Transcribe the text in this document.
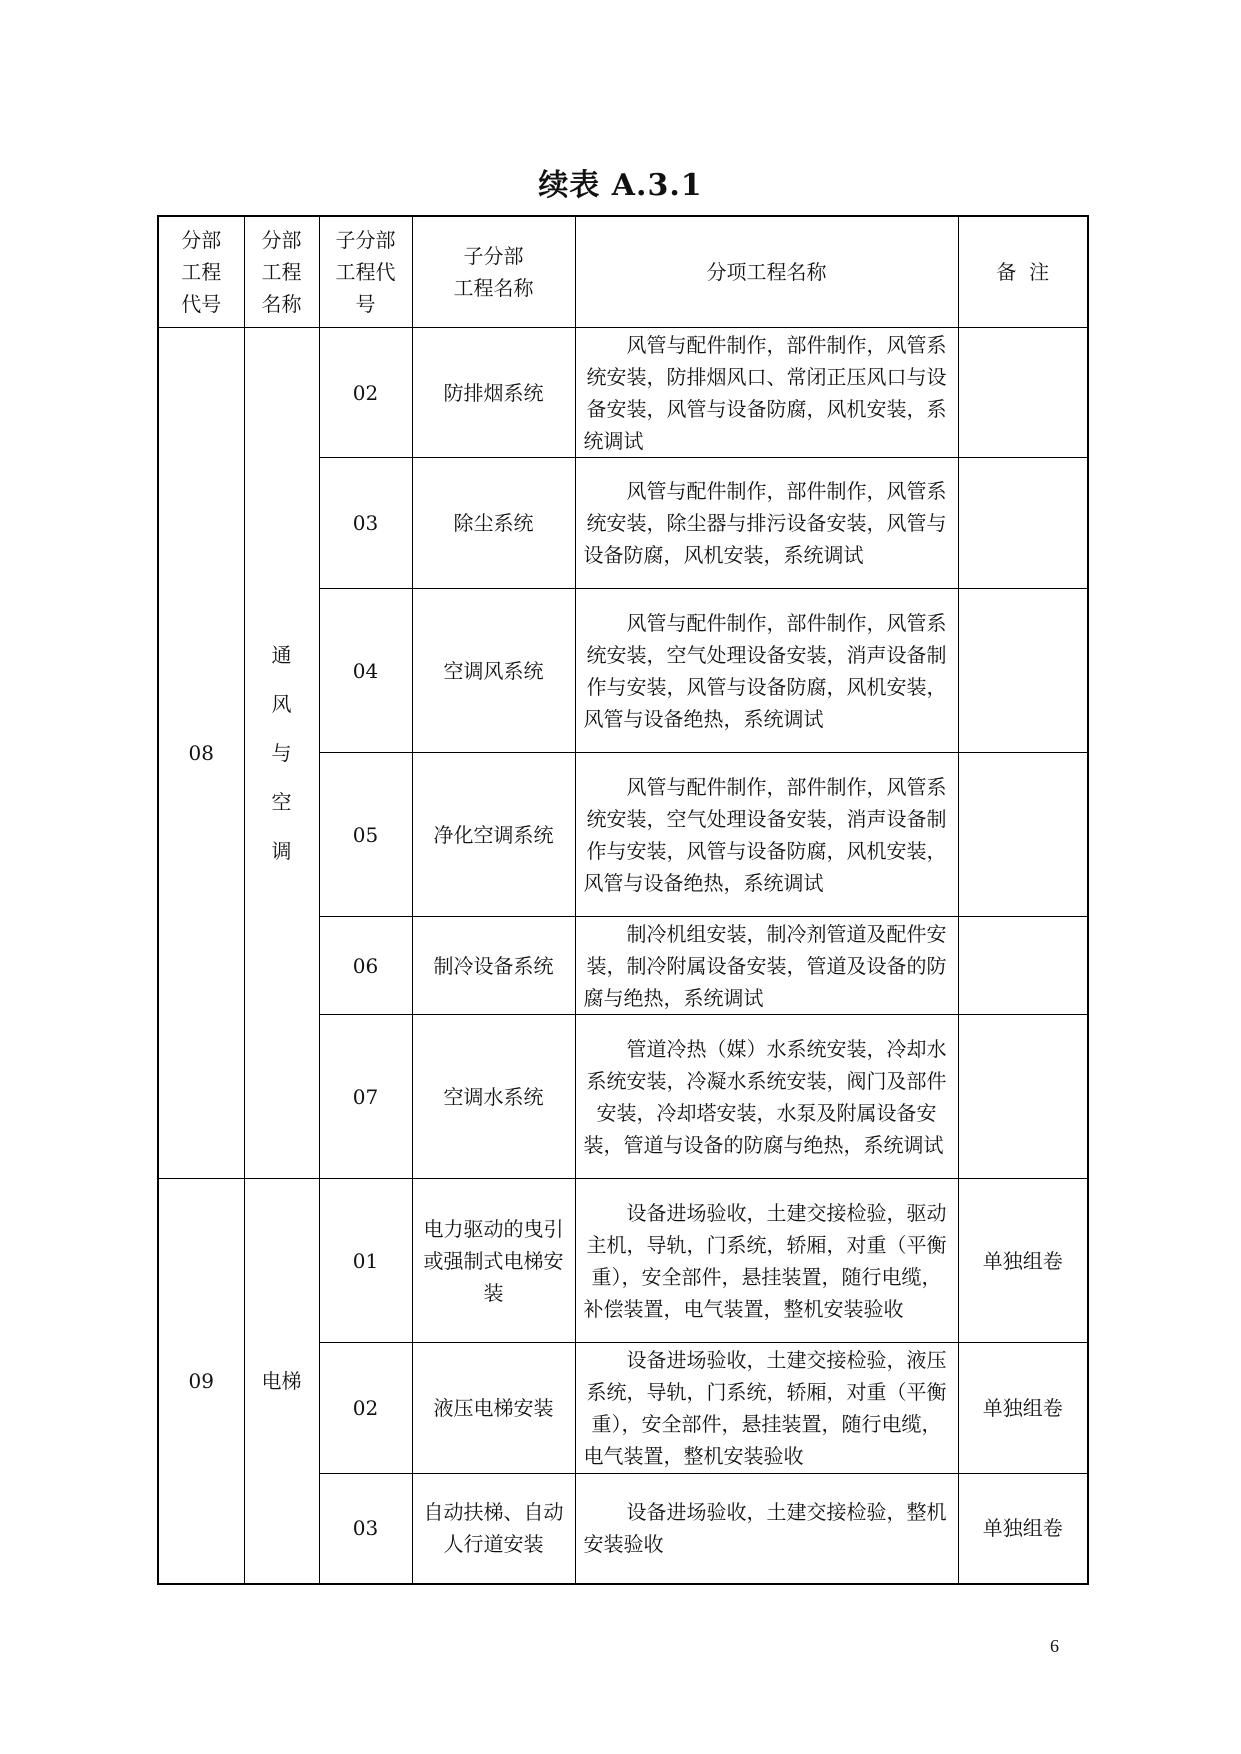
续表 A.3.1
分部
工程
代号	分部
工程
名称	子分部
工程代
号	子分部
工程名称	分项工程名称	备  注
08	通
风
与
空
调	02	防排烟系统	风管与配件制作，部件制作，风管系统安装，防排烟风口、常闭正压风口与设备安装，风管与设备防腐，风机安装，系统调试	
		03	除尘系统	风管与配件制作，部件制作，风管系统安装，除尘器与排污设备安装，风管与设备防腐，风机安装，系统调试	
		04	空调风系统	风管与配件制作，部件制作，风管系统安装，空气处理设备安装，消声设备制作与安装，风管与设备防腐，风机安装，风管与设备绝热，系统调试	
		05	净化空调系统	风管与配件制作，部件制作，风管系统安装，空气处理设备安装，消声设备制作与安装，风管与设备防腐，风机安装，风管与设备绝热，系统调试	
		06	制冷设备系统	制冷机组安装，制冷剂管道及配件安装，制冷附属设备安装，管道及设备的防腐与绝热，系统调试	
		07	空调水系统	管道冷热（媒）水系统安装，冷却水系统安装，冷凝水系统安装，阀门及部件安装，冷却塔安装，水泵及附属设备安装，管道与设备的防腐与绝热，系统调试	
09	电梯	01	电力驱动的曳引或强制式电梯安装	设备进场验收，土建交接检验，驱动主机，导轨，门系统，轿厢，对重（平衡重），安全部件，悬挂装置，随行电缆，补偿装置，电气装置，整机安装验收	单独组卷
		02	液压电梯安装	设备进场验收，土建交接检验，液压系统，导轨，门系统，轿厢，对重（平衡重），安全部件，悬挂装置，随行电缆，电气装置，整机安装验收	单独组卷
		03	自动扶梯、自动人行道安装	设备进场验收，土建交接检验，整机安装验收	单独组卷
6
